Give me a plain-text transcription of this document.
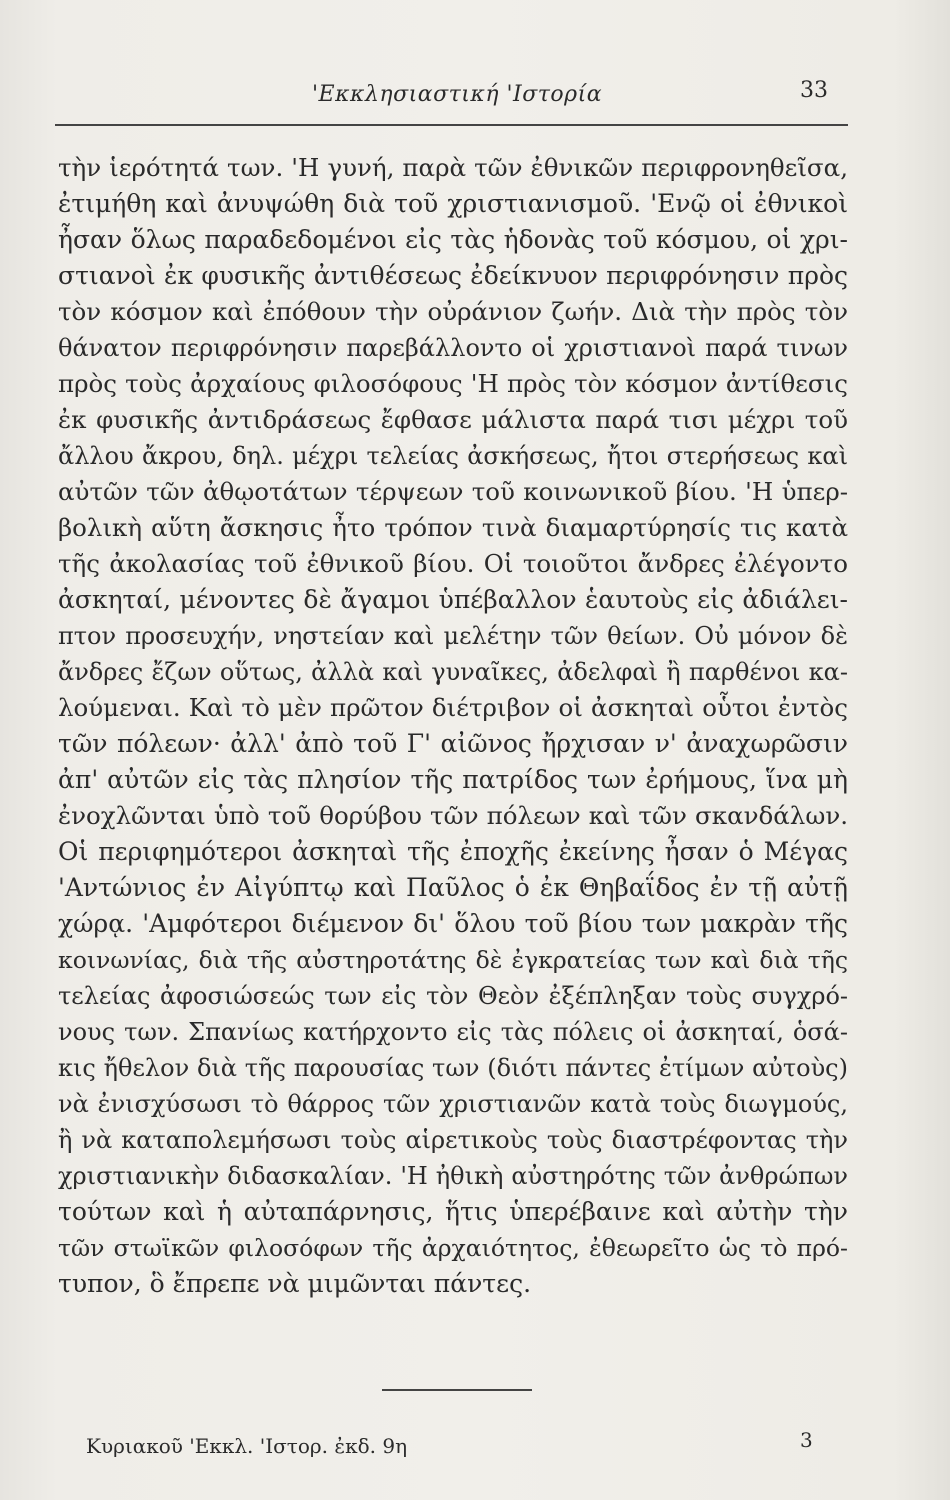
'Εκκλησιαστική 'Ιστορία	33
τὴν ἱερότητά των. 'Η γυνή, παρὰ τῶν ἐθνικῶν περιφρονηθεῖσα,
ἐτιμήθη καὶ ἀνυψώθη διὰ τοῦ χριστιανισμοῦ. 'Ενῷ οἱ ἐθνικοὶ
ἦσαν ὅλως παραδεδομένοι εἰς τὰς ἡδονὰς τοῦ κόσμου, οἱ χρι-
στιανοὶ ἐκ φυσικῆς ἀντιθέσεως ἐδείκνυον περιφρόνησιν πρὸς
τὸν κόσμον καὶ ἐπόθουν τὴν οὐράνιον ζωήν. Διὰ τὴν πρὸς τὸν
θάνατον περιφρόνησιν παρεβάλλοντο οἱ χριστιανοὶ παρά τινων
πρὸς τοὺς ἀρχαίους φιλοσόφους 'Η πρὸς τὸν κόσμον ἀντίθεσις
ἐκ φυσικῆς ἀντιδράσεως ἔφθασε μάλιστα παρά τισι μέχρι τοῦ
ἄλλου ἄκρου, δηλ. μέχρι τελείας ἀσκήσεως, ἤτοι στερήσεως καὶ
αὐτῶν τῶν ἀθῳοτάτων τέρψεων τοῦ κοινωνικοῦ βίου. 'Η ὑπερ-
βολικὴ αὕτη ἄσκησις ἦτο τρόπον τινὰ διαμαρτύρησίς τις κατὰ
τῆς ἀκολασίας τοῦ ἐθνικοῦ βίου. Οἱ τοιοῦτοι ἄνδρες ἐλέγοντο
ἀσκηταί, μένοντες δὲ ἄγαμοι ὑπέβαλλον ἑαυτοὺς εἰς ἀδιάλει-
πτον προσευχήν, νηστείαν καὶ μελέτην τῶν θείων. Οὐ μόνον δὲ
ἄνδρες ἔζων οὕτως, ἀλλὰ καὶ γυναῖκες, ἀδελφαὶ ἢ παρθένοι κα-
λούμεναι. Καὶ τὸ μὲν πρῶτον διέτριβον οἱ ἀσκηταὶ οὗτοι ἐντὸς
τῶν πόλεων· ἀλλ' ἀπὸ τοῦ Γ' αἰῶνος ἤρχισαν ν' ἀναχωρῶσιν
ἀπ' αὐτῶν εἰς τὰς πλησίον τῆς πατρίδος των ἐρήμους, ἵνα μὴ
ἐνοχλῶνται ὑπὸ τοῦ θορύβου τῶν πόλεων καὶ τῶν σκανδάλων.
Οἱ περιφημότεροι ἀσκηταὶ τῆς ἐποχῆς ἐκείνης ἦσαν ὁ Μέγας
'Αντώνιος ἐν Αἰγύπτῳ καὶ Παῦλος ὁ ἐκ Θηβαΐδος ἐν τῇ αὐτῇ
χώρᾳ. 'Αμφότεροι διέμενον δι' ὅλου τοῦ βίου των μακρὰν τῆς
κοινωνίας, διὰ τῆς αὐστηροτάτης δὲ ἐγκρατείας των καὶ διὰ τῆς
τελείας ἀφοσιώσεώς των εἰς τὸν Θεὸν ἐξέπληξαν τοὺς συγχρό-
νους των. Σπανίως κατήρχοντο εἰς τὰς πόλεις οἱ ἀσκηταί, ὁσά-
κις ἤθελον διὰ τῆς παρουσίας των (διότι πάντες ἐτίμων αὐτοὺς)
νὰ ἐνισχύσωσι τὸ θάρρος τῶν χριστιανῶν κατὰ τοὺς διωγμούς,
ἢ νὰ καταπολεμήσωσι τοὺς αἱρετικοὺς τοὺς διαστρέφοντας τὴν
χριστιανικὴν διδασκαλίαν. 'Η ἠθικὴ αὐστηρότης τῶν ἀνθρώπων
τούτων καὶ ἡ αὐταπάρνησις, ἥτις ὑπερέβαινε καὶ αὐτὴν τὴν
τῶν στωϊκῶν φιλοσόφων τῆς ἀρχαιότητος, ἐθεωρεῖτο ὡς τὸ πρό-
τυπον, ὃ ἔπρεπε νὰ μιμῶνται πάντες.
Κυριακοῦ 'Εκκλ. 'Ιστορ. ἐκδ. 9η	3
